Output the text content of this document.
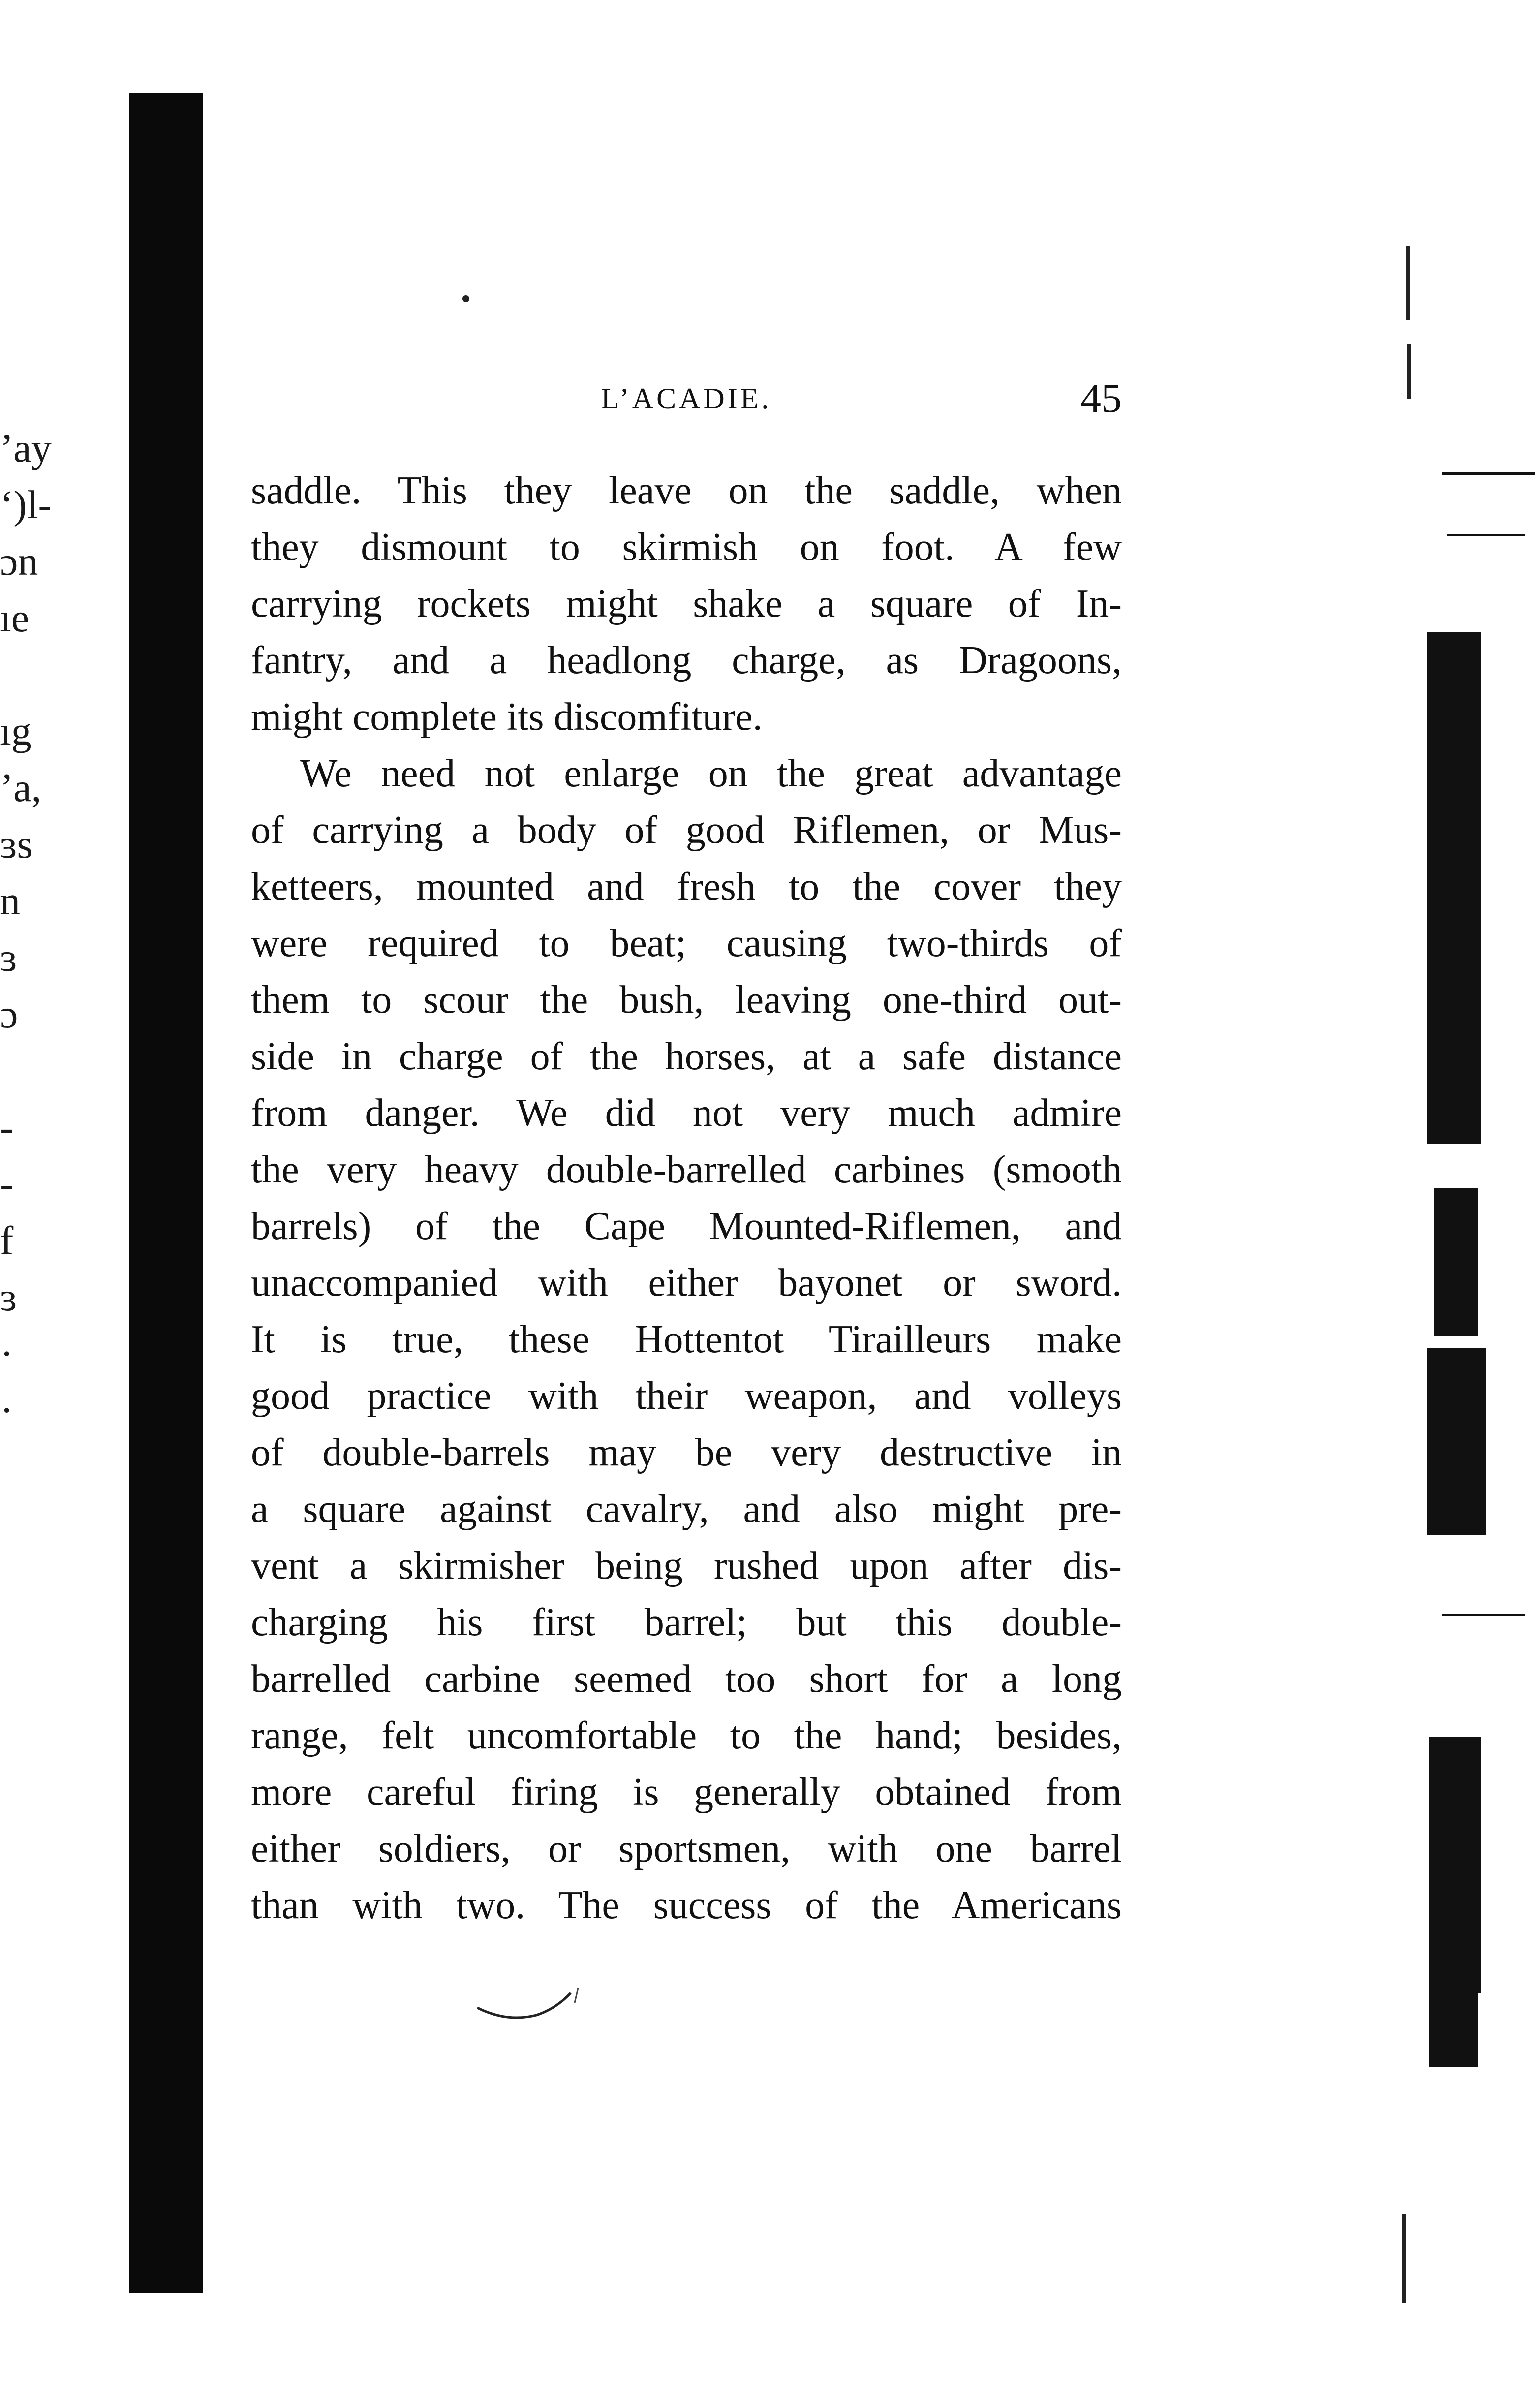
’ay
‘)l-
ɔn
ıe
ıg
’a,
ɜs
n
ɜ
ɔ
-
-
f
ɜ
·
·
L’ACADIE.	45
saddle. This they leave on the saddle, when
they dismount to skirmish on foot. A few
carrying rockets might shake a square of In-
fantry, and a headlong charge, as Dragoons,
might complete its discomfiture.
We need not enlarge on the great advantage
of carrying a body of good Riflemen, or Mus-
ketteers, mounted and fresh to the cover they
were required to beat; causing two-thirds of
them to scour the bush, leaving one-third out-
side in charge of the horses, at a safe distance
from danger. We did not very much admire
the very heavy double-barrelled carbines (smooth
barrels) of the Cape Mounted-Riflemen, and
unaccompanied with either bayonet or sword.
It is true, these Hottentot Tirailleurs make
good practice with their weapon, and volleys
of double-barrels may be very destructive in
a square against cavalry, and also might pre-
vent a skirmisher being rushed upon after dis-
charging his first barrel; but this double-
barrelled carbine seemed too short for a long
range, felt uncomfortable to the hand; besides,
more careful firing is generally obtained from
either soldiers, or sportsmen, with one barrel
than with two. The success of the Americans
